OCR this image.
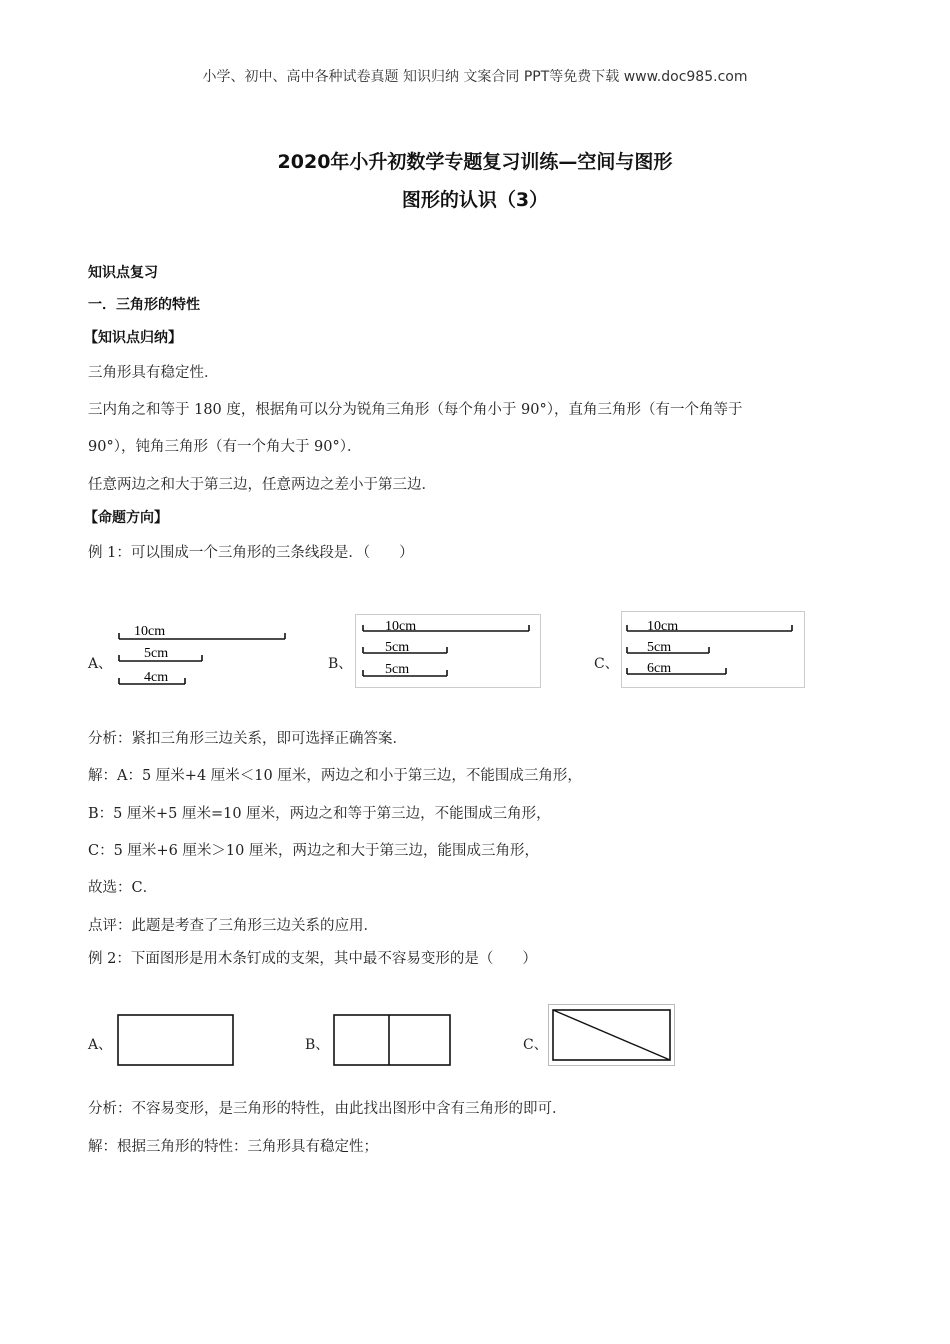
小学、初中、高中各种试卷真题 知识归纳 文案合同 PPT等免费下载 www.doc985.com
2020年小升初数学专题复习训练—空间与图形
图形的认识（3）
知识点复习
一．三角形的特性
【知识点归纳】
三角形具有稳定性．
三内角之和等于 180 度，根据角可以分为锐角三角形（每个角小于 90°），直角三角形（有一个角等于
90°），钝角三角形（有一个角大于 90°）．
任意两边之和大于第三边，任意两边之差小于第三边．
【命题方向】
例 1：可以围成一个三角形的三条线段是．（　　）
A、
10cm
5cm
4cm
B、
10cm
5cm
5cm	C、
10cm
5cm
6cm
分析：紧扣三角形三边关系，即可选择正确答案．
解：A：5 厘米+4 厘米＜10 厘米，两边之和小于第三边，不能围成三角形，
B：5 厘米+5 厘米=10 厘米，两边之和等于第三边，不能围成三角形，
C：5 厘米+6 厘米＞10 厘米，两边之和大于第三边，能围成三角形，
故选：C．
点评：此题是考查了三角形三边关系的应用．
例 2：下面图形是用木条钉成的支架，其中最不容易变形的是（　　）
A、	B、	C、
分析：不容易变形，是三角形的特性，由此找出图形中含有三角形的即可．
解：根据三角形的特性：三角形具有稳定性；
